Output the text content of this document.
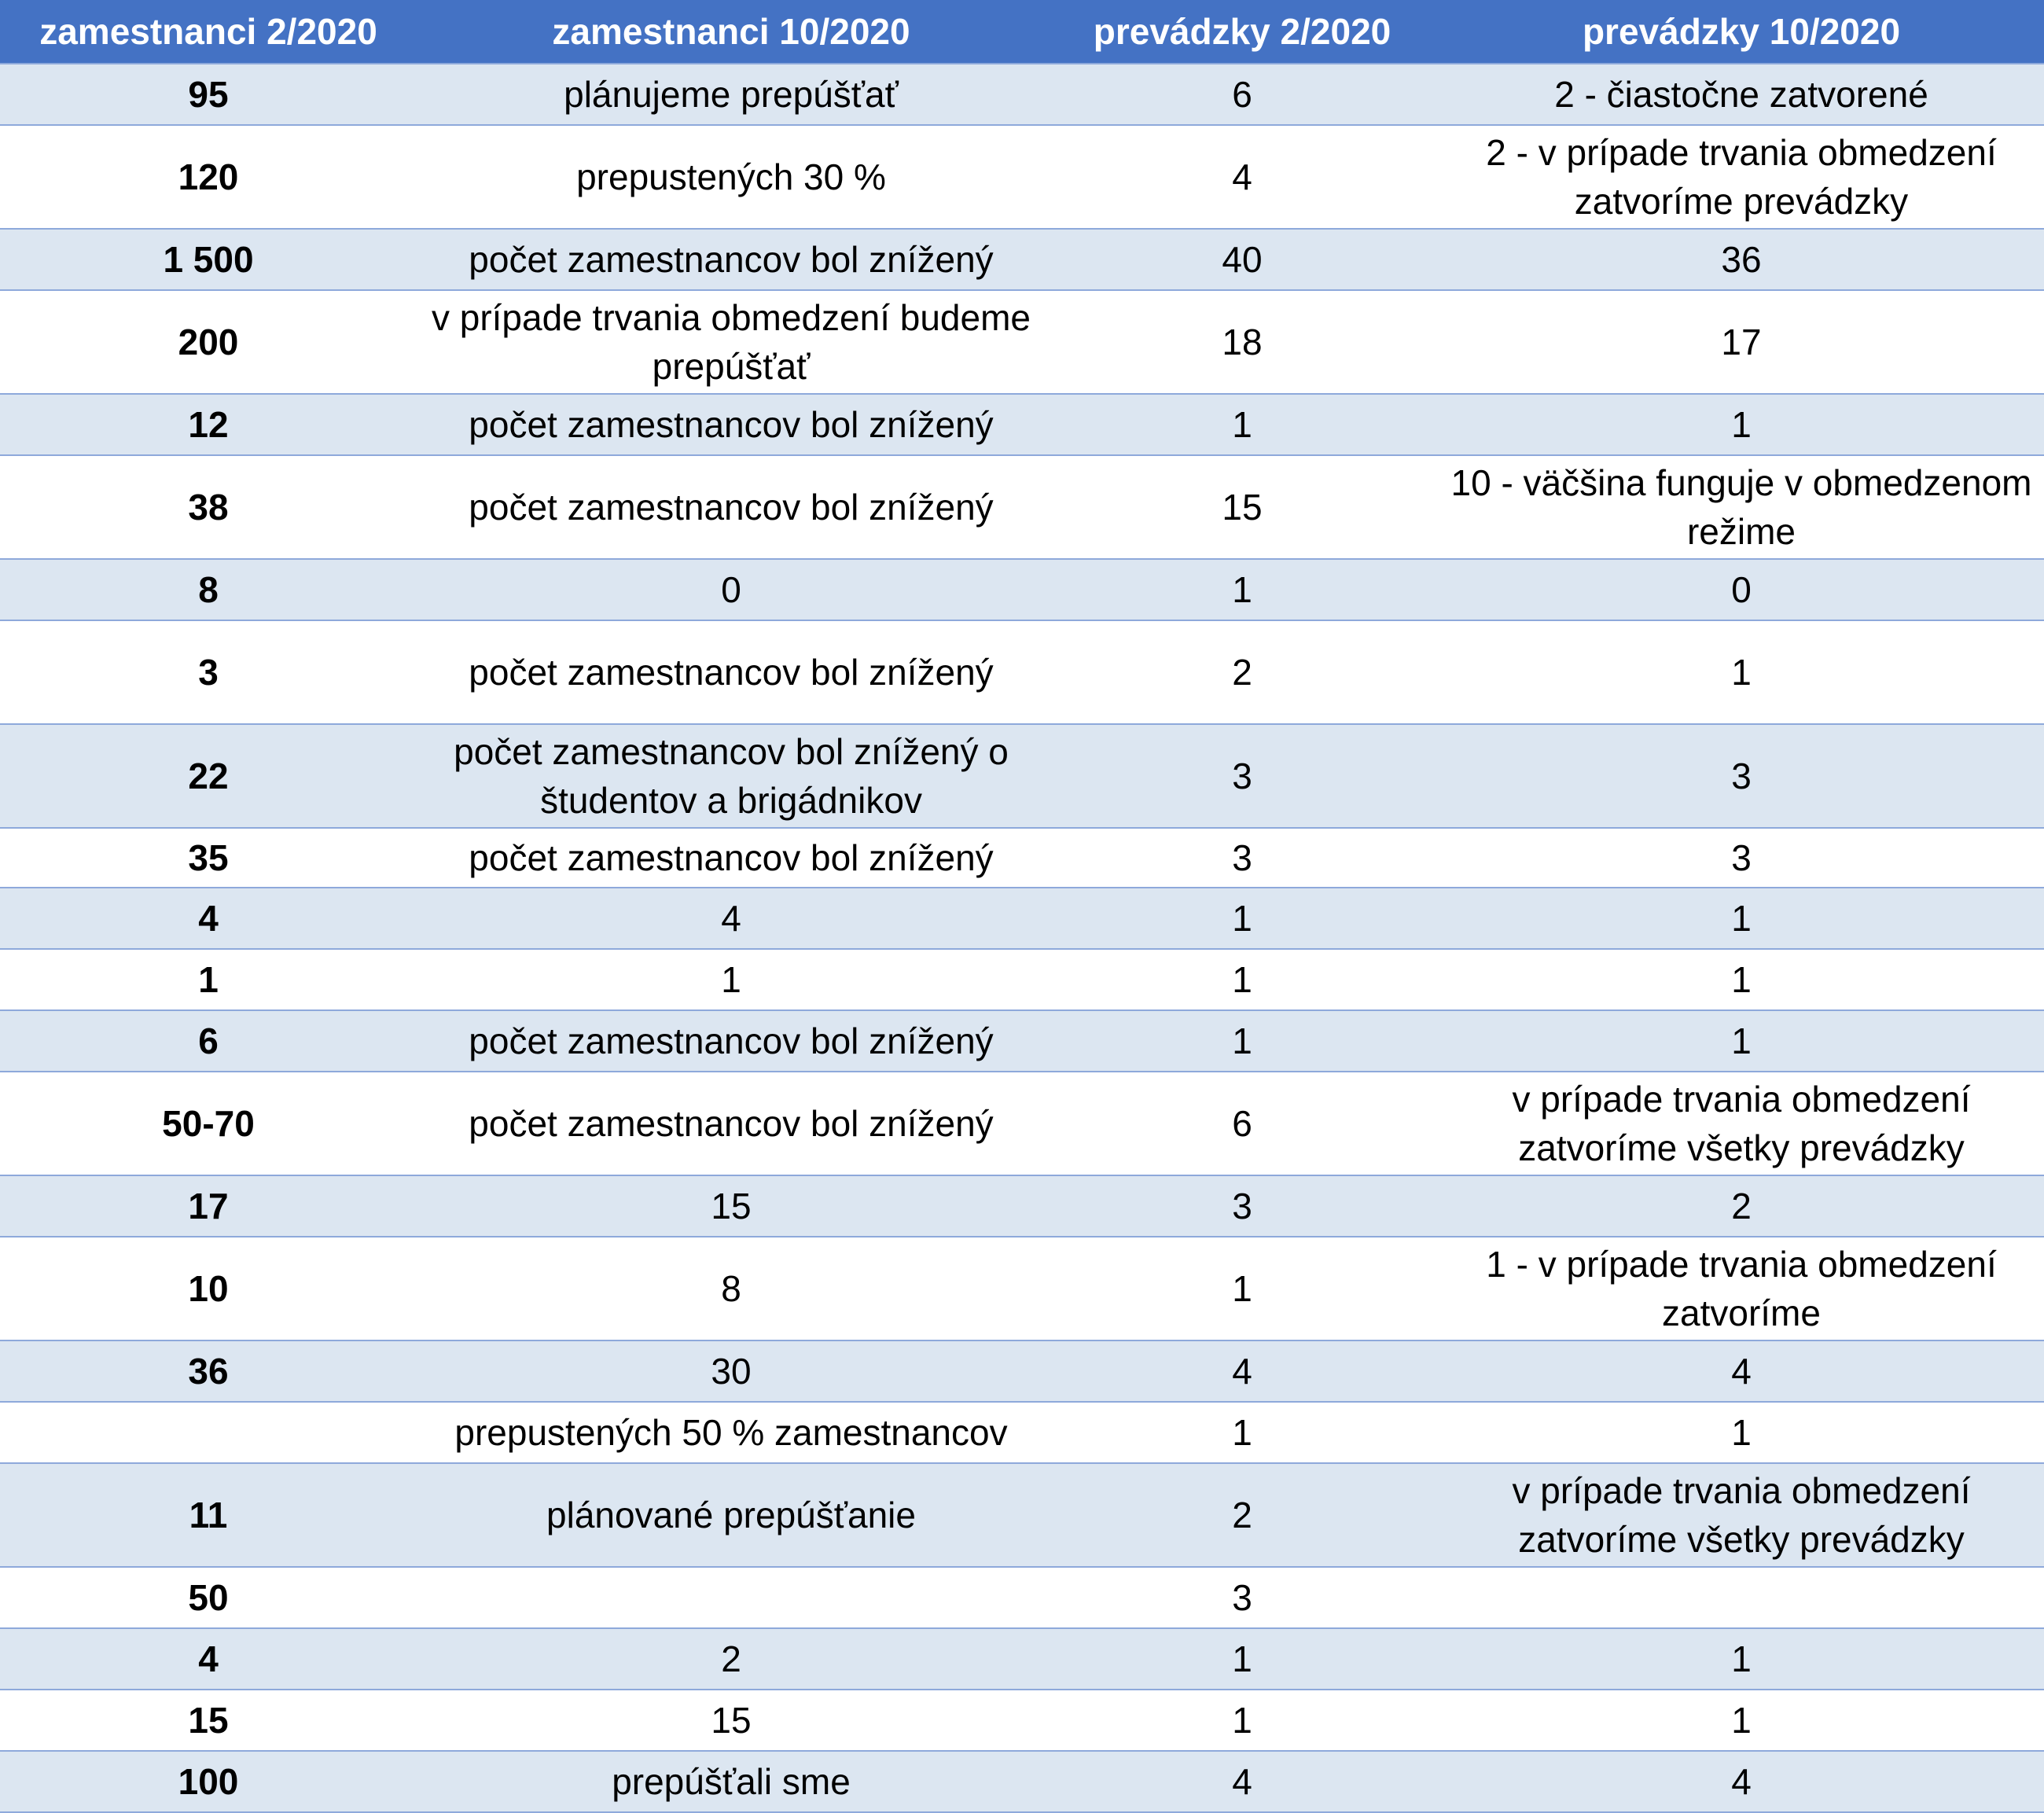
zamestnanci 2/2020	zamestnanci 10/2020	prevádzky 2/2020	prevádzky 10/2020
95	plánujeme prepúšťať	6	2 - čiastočne zatvorené
120	prepustených 30 %	4	2 - v prípade trvania obmedzení zatvoríme prevádzky
1 500	počet zamestnancov bol znížený	40	36
200	v prípade trvania obmedzení budeme prepúšťať	18	17
12	počet zamestnancov bol znížený	1	1
38	počet zamestnancov bol znížený	15	10 - väčšina funguje v obmedzenom režime
8	0	1	0
3	počet zamestnancov bol znížený	2	1
22	počet zamestnancov bol znížený o študentov a brigádnikov	3	3
35	počet zamestnancov bol znížený	3	3
4	4	1	1
1	1	1	1
6	počet zamestnancov bol znížený	1	1
50-70	počet zamestnancov bol znížený	6	v prípade trvania obmedzení zatvoríme všetky prevádzky
17	15	3	2
10	8	1	1 - v prípade trvania obmedzení zatvoríme
36	30	4	4
	prepustených 50 % zamestnancov	1	1
11	plánované prepúšťanie	2	v prípade trvania obmedzení zatvoríme všetky prevádzky
50		3	
4	2	1	1
15	15	1	1
100	prepúšťali sme	4	4
